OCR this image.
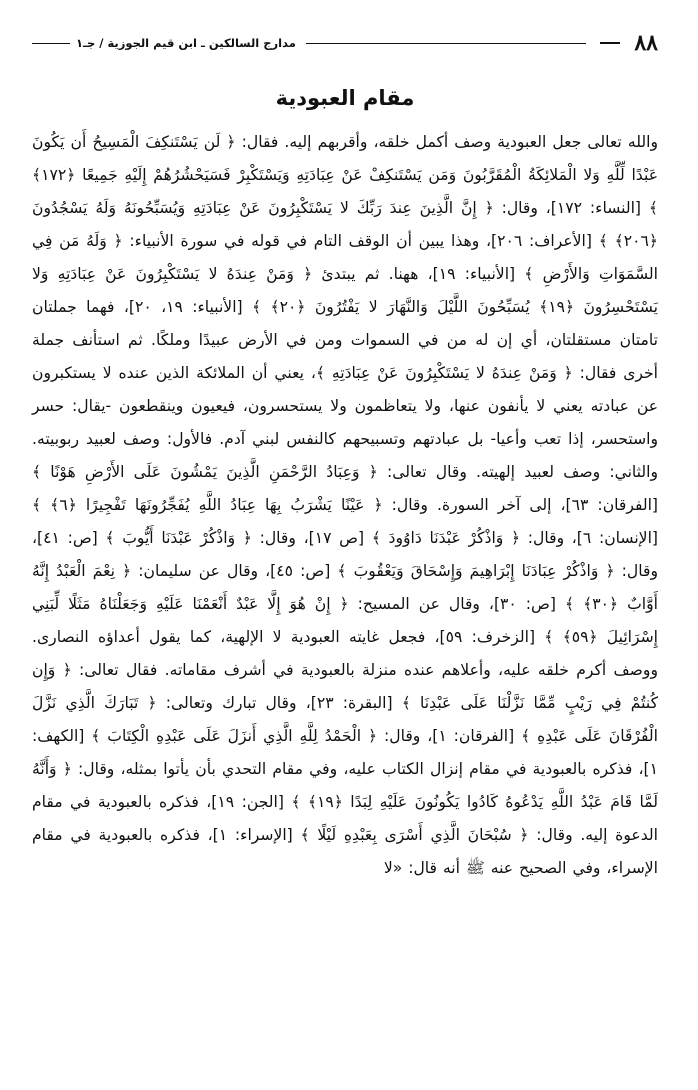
٨٨
مدارج السالكين ـ ابن قيم الجوزية / جـ١
مقام العبودية

والله تعالى جعل العبودية وصف أكمل خلقه، وأقربهم إليه. فقال: ﴿ لَن يَسْتَنكِفَ الْمَسِيحُ أَن يَكُونَ عَبْدًا لِّلَّهِ وَلا الْمَلائِكَةُ الْمُقَرَّبُونَ وَمَن يَسْتَنكِفْ عَنْ عِبَادَتِهِ وَيَسْتَكْبِرْ فَسَيَحْشُرُهُمْ إِلَيْهِ جَمِيعًا ﴿١٧٢﴾ ﴾ [النساء: ١٧٢]، وقال: ﴿ إِنَّ الَّذِينَ عِندَ رَبِّكَ لا يَسْتَكْبِرُونَ عَنْ عِبَادَتِهِ وَيُسَبِّحُونَهُ وَلَهُ يَسْجُدُونَ ﴿٢٠٦﴾ ﴾ [الأعراف: ٢٠٦]، وهذا يبين أن الوقف التام في قوله في سورة الأنبياء: ﴿ وَلَهُ مَن فِي السَّمَوَاتِ وَالأَرْضِ ﴾ [الأنبياء: ١٩]، ههنا. ثم يبتدئ ﴿ وَمَنْ عِندَهُ لا يَسْتَكْبِرُونَ عَنْ عِبَادَتِهِ وَلا يَسْتَحْسِرُونَ ﴿١٩﴾ يُسَبِّحُونَ اللَّيْلَ وَالنَّهَارَ لا يَفْتُرُونَ ﴿٢٠﴾ ﴾ [الأنبياء: ١٩، ٢٠]، فهما جملتان تامتان مستقلتان، أي إن له من في السموات ومن في الأرض عبيدًا وملكًا. ثم استأنف جملة أخرى فقال: ﴿ وَمَنْ عِندَهُ لا يَسْتَكْبِرُونَ عَنْ عِبَادَتِهِ ﴾، يعني أن الملائكة الذين عنده لا يستكبرون عن عبادته يعني لا يأنفون عنها، ولا يتعاظمون ولا يستحسرون، فيعيون وينقطعون -يقال: حسر واستحسر، إذا تعب وأعيا- بل عبادتهم وتسبيحهم كالنفس لبني آدم. فالأول: وصف لعبيد ربوبيته. والثاني: وصف لعبيد إلهيته. وقال تعالى: ﴿ وَعِبَادُ الرَّحْمَنِ الَّذِينَ يَمْشُونَ عَلَى الأَرْضِ هَوْنًا ﴾ [الفرقان: ٦٣]، إلى آخر السورة. وقال: ﴿ عَيْنًا يَشْرَبُ بِهَا عِبَادُ اللَّهِ يُفَجِّرُونَهَا تَفْجِيرًا ﴿٦﴾ ﴾ [الإنسان: ٦]، وقال: ﴿ وَاذْكُرْ عَبْدَنَا دَاوُودَ ﴾ [ص ١٧]، وقال: ﴿ وَاذْكُرْ عَبْدَنَا أَيُّوبَ ﴾ [ص: ٤١]، وقال: ﴿ وَاذْكُرْ عِبَادَنَا إِبْرَاهِيمَ وَإِسْحَاقَ وَيَعْقُوبَ ﴾ [ص: ٤٥]، وقال عن سليمان: ﴿ نِعْمَ الْعَبْدُ إِنَّهُ أَوَّابٌ ﴿٣٠﴾ ﴾ [ص: ٣٠]، وقال عن المسيح: ﴿ إِنْ هُوَ إِلَّا عَبْدٌ أَنْعَمْنَا عَلَيْهِ وَجَعَلْنَاهُ مَثَلًا لِّبَنِي إِسْرَائِيلَ ﴿٥٩﴾ ﴾ [الزخرف: ٥٩]، فجعل غايته العبودية لا الإلهية، كما يقول أعداؤه النصارى. ووصف أكرم خلقه عليه، وأعلاهم عنده منزلة بالعبودية في أشرف مقاماته. فقال تعالى: ﴿ وَإِن كُنتُمْ فِي رَيْبٍ مِّمَّا نَزَّلْنَا عَلَى عَبْدِنَا ﴾ [البقرة: ٢٣]، وقال تبارك وتعالى: ﴿ تَبَارَكَ الَّذِي نَزَّلَ الْفُرْقَانَ عَلَى عَبْدِهِ ﴾ [الفرقان: ١]، وقال: ﴿ الْحَمْدُ لِلَّهِ الَّذِي أَنزَلَ عَلَى عَبْدِهِ الْكِتَابَ ﴾ [الكهف: ١]، فذكره بالعبودية في مقام إنزال الكتاب عليه، وفي مقام التحدي بأن يأتوا بمثله، وقال: ﴿ وَأَنَّهُ لَمَّا قَامَ عَبْدُ اللَّهِ يَدْعُوهُ كَادُوا يَكُونُونَ عَلَيْهِ لِبَدًا ﴿١٩﴾ ﴾ [الجن: ١٩]، فذكره بالعبودية في مقام الدعوة إليه. وقال: ﴿ سُبْحَانَ الَّذِي أَسْرَى بِعَبْدِهِ لَيْلًا ﴾ [الإسراء: ١]، فذكره بالعبودية في مقام الإسراء، وفي الصحيح عنه ﷺ أنه قال: «لا
